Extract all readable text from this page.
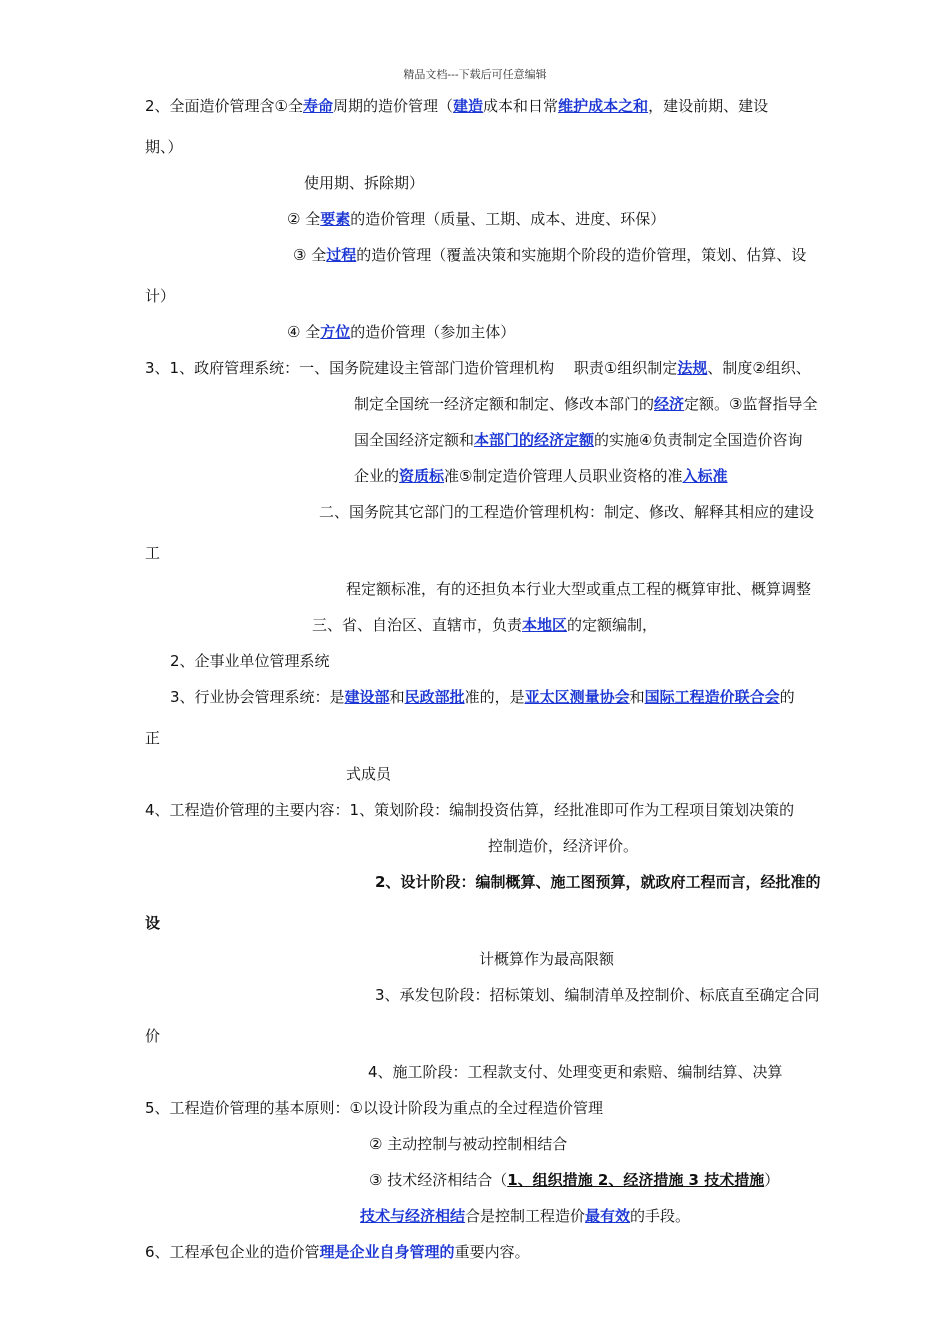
精品文档---下载后可任意编辑
2、全面造价管理含①全寿命周期的造价管理（建造成本和日常维护成本之和，建设前期、建设
期、）
使用期、拆除期）
② 全要素的造价管理（质量、工期、成本、进度、环保）
③ 全过程的造价管理（覆盖决策和实施期个阶段的造价管理，策划、估算、设
计）
④ 全方位的造价管理（参加主体）
3、1、政府管理系统：一、国务院建设主管部门造价管理机构　 职责①组织制定法规、制度②组织、
制定全国统一经济定额和制定、修改本部门的经济定额。③监督指导全
国全国经济定额和本部门的经济定额的实施④负责制定全国造价咨询
企业的资质标准⑤制定造价管理人员职业资格的准入标准
二、国务院其它部门的工程造价管理机构：制定、修改、解释其相应的建设
工
程定额标准，有的还担负本行业大型或重点工程的概算审批、概算调整
三、省、自治区、直辖市，负责本地区的定额编制，
2、企事业单位管理系统
3、行业协会管理系统：是建设部和民政部批准的，是亚太区测量协会和国际工程造价联合会的
正
式成员
4、工程造价管理的主要内容：1、策划阶段：编制投资估算，经批准即可作为工程项目策划决策的
控制造价，经济评价。
2、设计阶段：编制概算、施工图预算，就政府工程而言，经批准的
设
计概算作为最高限额
3、承发包阶段：招标策划、编制清单及控制价、标底直至确定合同
价
4、施工阶段：工程款支付、处理变更和索赔、编制结算、决算
5、工程造价管理的基本原则：①以设计阶段为重点的全过程造价管理
② 主动控制与被动控制相结合
③ 技术经济相结合（1、组织措施 2、经济措施 3 技术措施）
技术与经济相结合是控制工程造价最有效的手段。
6、工程承包企业的造价管理是企业自身管理的重要内容。
